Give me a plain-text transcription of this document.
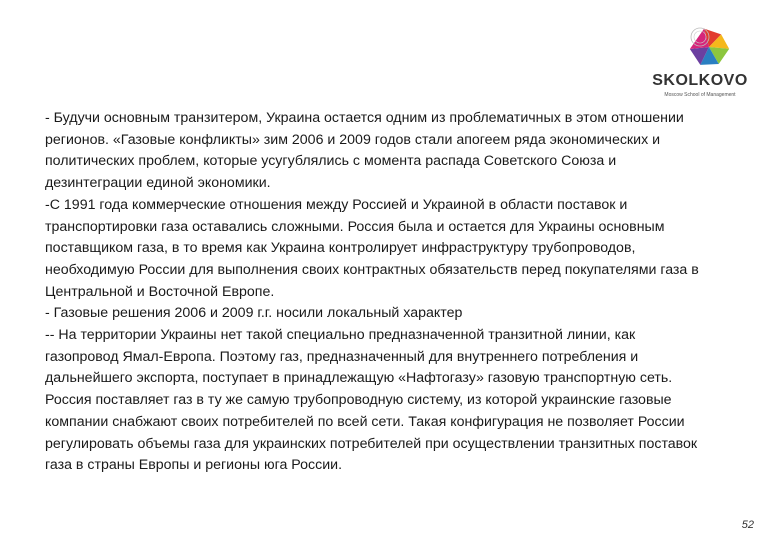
SKOLKOVO
Moscow School of Management

- Будучи основным транзитером, Украина остается одним из проблематичных в этом отношении регионов. «Газовые конфликты» зим 2006 и 2009 годов стали апогеем ряда экономических и политических проблем, которые усугублялись с момента распада Советского Союза и дезинтеграции единой экономики.

-С 1991 года коммерческие отношения между Россией и Украиной в области поставок и транспортировки газа оставались сложными. Россия была и остается для Украины основным поставщиком газа, в то время как Украина контролирует инфраструктуру трубопроводов, необходимую России для выполнения своих контрактных обязательств перед покупателями газа в Центральной и Восточной Европе.

- Газовые решения 2006 и 2009 г.г. носили локальный характер

-- На территории Украины нет такой специально предназначенной транзитной линии, как газопровод Ямал-Европа. Поэтому газ, предназначенный для внутреннего потребления и дальнейшего экспорта, поступает в принадлежащую «Нафтогазу» газовую транспортную сеть. Россия поставляет газ в ту же самую трубопроводную систему, из которой украинские газовые компании снабжают своих потребителей по всей сети. Такая конфигурация не позволяет России регулировать объемы газа для украинских потребителей при осуществлении транзитных поставок газа в страны Европы и регионы юга России.

52
